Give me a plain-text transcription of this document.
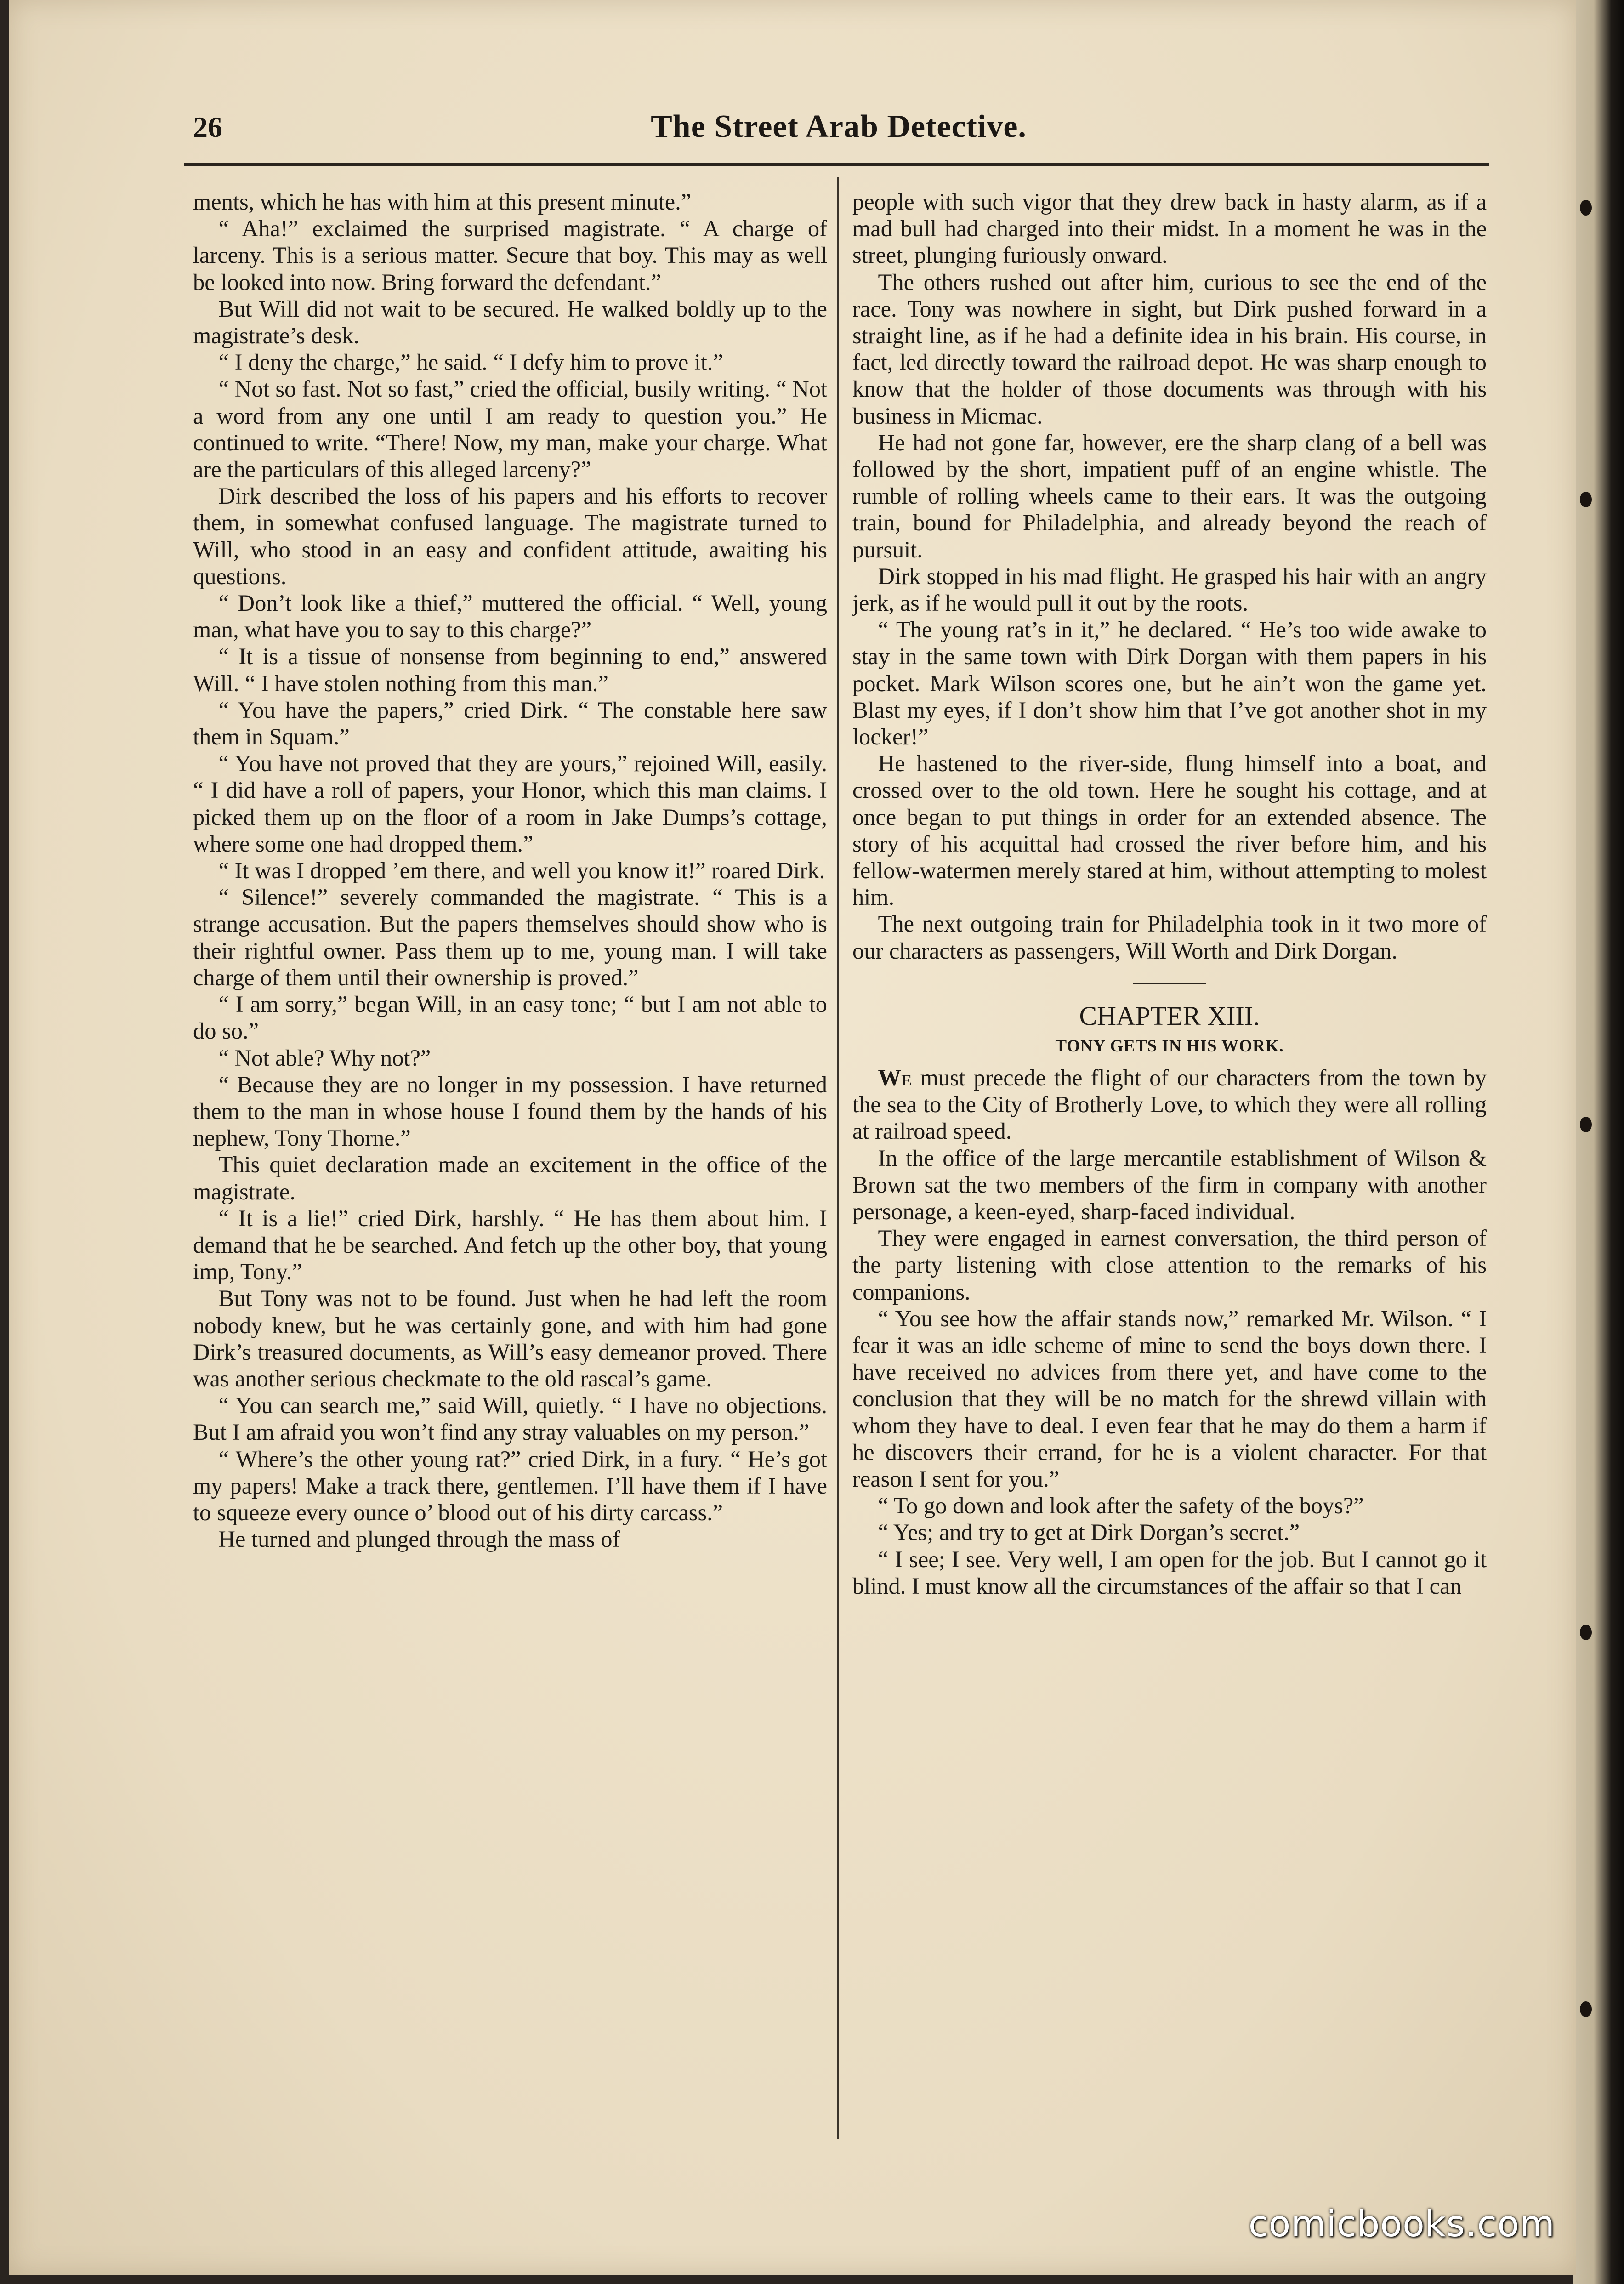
26	The Street Arab Detective.

ments, which he has with him at this present minute.”

“ Aha!” exclaimed the surprised magistrate. “ A charge of larceny. This is a serious matter. Secure that boy. This may as well be looked into now. Bring forward the defendant.”

But Will did not wait to be secured. He walked boldly up to the magistrate’s desk.

“ I deny the charge,” he said. “ I defy him to prove it.”

“ Not so fast. Not so fast,” cried the official, busily writing. “ Not a word from any one until I am ready to question you.” He continued to write. “There! Now, my man, make your charge. What are the particulars of this alleged larceny?”

Dirk described the loss of his papers and his efforts to recover them, in somewhat confused language. The magistrate turned to Will, who stood in an easy and confident attitude, awaiting his questions.

“ Don’t look like a thief,” muttered the official. “ Well, young man, what have you to say to this charge?”

“ It is a tissue of nonsense from beginning to end,” answered Will. “ I have stolen nothing from this man.”

“ You have the papers,” cried Dirk. “ The constable here saw them in Squam.”

“ You have not proved that they are yours,” rejoined Will, easily. “ I did have a roll of papers, your Honor, which this man claims. I picked them up on the floor of a room in Jake Dumps’s cottage, where some one had dropped them.”

“ It was I dropped ’em there, and well you know it!” roared Dirk.

“ Silence!” severely commanded the magistrate. “ This is a strange accusation. But the papers themselves should show who is their rightful owner. Pass them up to me, young man. I will take charge of them until their ownership is proved.”

“ I am sorry,” began Will, in an easy tone; “ but I am not able to do so.”

“ Not able? Why not?”

“ Because they are no longer in my possession. I have returned them to the man in whose house I found them by the hands of his nephew, Tony Thorne.”

This quiet declaration made an excitement in the office of the magistrate.

“ It is a lie!” cried Dirk, harshly. “ He has them about him. I demand that he be searched. And fetch up the other boy, that young imp, Tony.”

But Tony was not to be found. Just when he had left the room nobody knew, but he was certainly gone, and with him had gone Dirk’s treasured documents, as Will’s easy demeanor proved. There was another serious checkmate to the old rascal’s game.

“ You can search me,” said Will, quietly. “ I have no objections. But I am afraid you won’t find any stray valuables on my person.”

“ Where’s the other young rat?” cried Dirk, in a fury. “ He’s got my papers! Make a track there, gentlemen. I’ll have them if I have to squeeze every ounce o’ blood out of his dirty carcass.”

He turned and plunged through the mass of

people with such vigor that they drew back in hasty alarm, as if a mad bull had charged into their midst. In a moment he was in the street, plunging furiously onward.

The others rushed out after him, curious to see the end of the race. Tony was nowhere in sight, but Dirk pushed forward in a straight line, as if he had a definite idea in his brain. His course, in fact, led directly toward the railroad depot. He was sharp enough to know that the holder of those documents was through with his business in Micmac.

He had not gone far, however, ere the sharp clang of a bell was followed by the short, impatient puff of an engine whistle. The rumble of rolling wheels came to their ears. It was the outgoing train, bound for Philadelphia, and already beyond the reach of pursuit.

Dirk stopped in his mad flight. He grasped his hair with an angry jerk, as if he would pull it out by the roots.

“ The young rat’s in it,” he declared. “ He’s too wide awake to stay in the same town with Dirk Dorgan with them papers in his pocket. Mark Wilson scores one, but he ain’t won the game yet. Blast my eyes, if I don’t show him that I’ve got another shot in my locker!”

He hastened to the river-side, flung himself into a boat, and crossed over to the old town. Here he sought his cottage, and at once began to put things in order for an extended absence. The story of his acquittal had crossed the river before him, and his fellow-watermen merely stared at him, without attempting to molest him.

The next outgoing train for Philadelphia took in it two more of our characters as passengers, Will Worth and Dirk Dorgan.

CHAPTER XIII.

TONY GETS IN HIS WORK.

We must precede the flight of our characters from the town by the sea to the City of Brotherly Love, to which they were all rolling at railroad speed.

In the office of the large mercantile establishment of Wilson & Brown sat the two members of the firm in company with another personage, a keen-eyed, sharp-faced individual.

They were engaged in earnest conversation, the third person of the party listening with close attention to the remarks of his companions.

“ You see how the affair stands now,” remarked Mr. Wilson. “ I fear it was an idle scheme of mine to send the boys down there. I have received no advices from there yet, and have come to the conclusion that they will be no match for the shrewd villain with whom they have to deal. I even fear that he may do them a harm if he discovers their errand, for he is a violent character. For that reason I sent for you.”

“ To go down and look after the safety of the boys?”

“ Yes; and try to get at Dirk Dorgan’s secret.”

“ I see; I see. Very well, I am open for the job. But I cannot go it blind. I must know all the circumstances of the affair so that I can

comicbooks.com
